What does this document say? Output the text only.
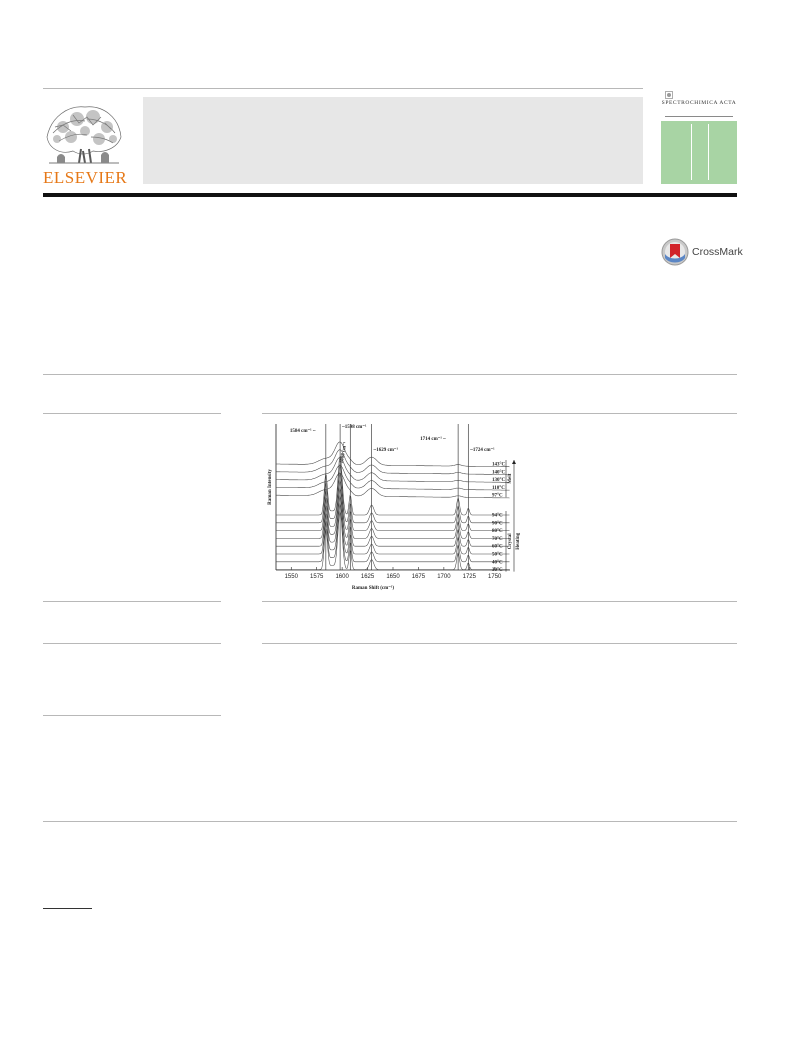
ELSEVIER
SPECTROCHIMICA ACTA
CrossMark
1550 1575 1600 1625 1650 1675 1700 1725 1750
Raman Shift (cm⁻¹)
Raman Intensity
1584 cm⁻¹ ~
~1598 cm⁻¹
~1608 cm⁻¹	~1629 cm⁻¹
1714 cm⁻¹ ~
~1724 cm⁻¹
143°C
140°C
130°C
110°C
97°C
94°C
90°C
80°C
70°C
60°C
50°C
40°C
30°C
Melt
Crystal Heating
